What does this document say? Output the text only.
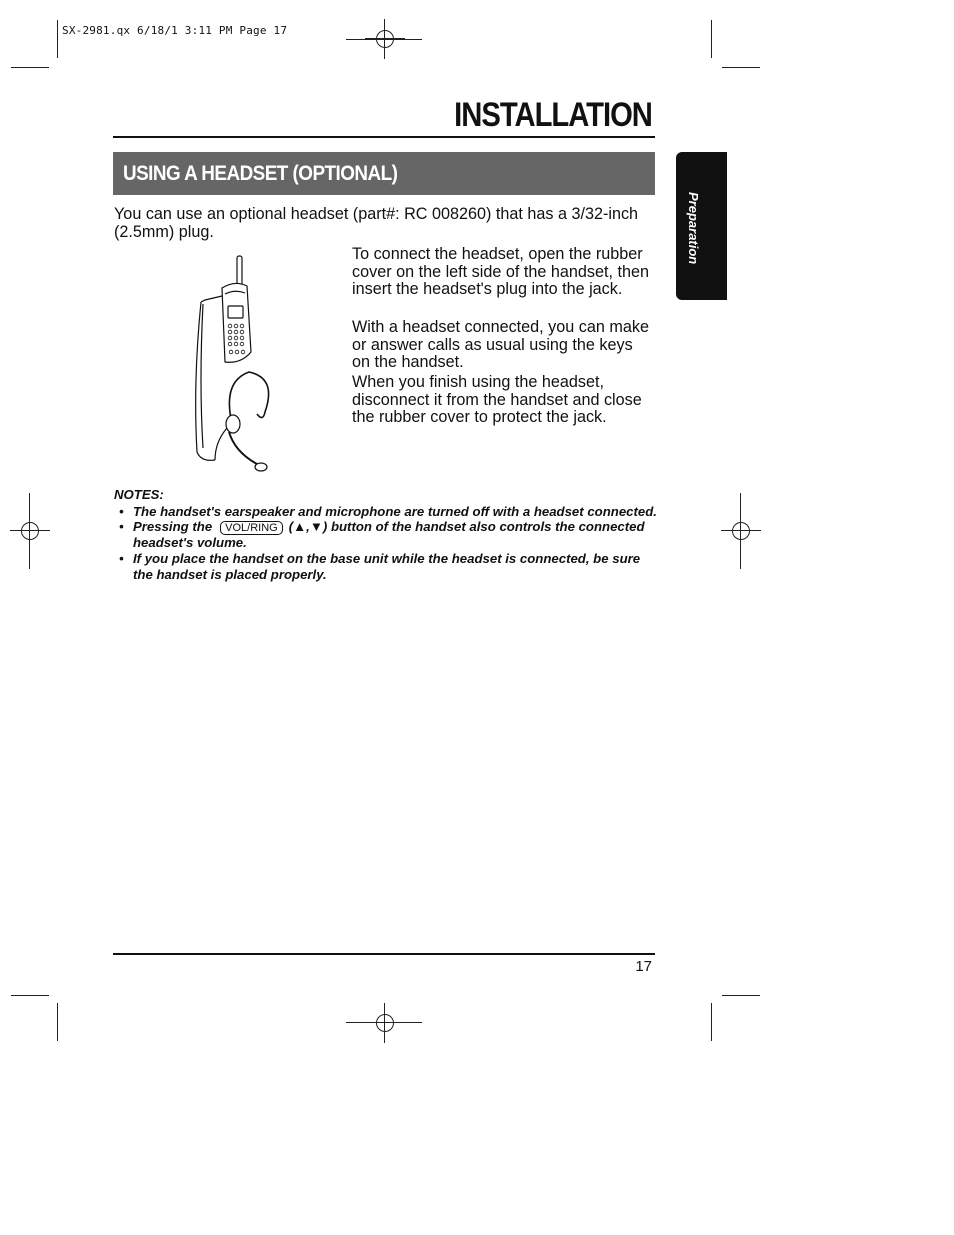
SX-2981.qx 6/18/1 3:11 PM Page 17
INSTALLATION
USING A HEADSET (OPTIONAL)
Preparation
You can use an optional headset (part#: RC 008260) that has a 3/32-inch (2.5mm) plug.
To connect the headset, open the rubber cover on the left side of the handset, then insert the headset's plug into the jack.
With a headset connected, you can make or answer calls as usual using the keys on the handset.
When you finish using the headset, disconnect it from the handset and close the rubber cover to protect the jack.
NOTES:
• The handset's earspeaker and microphone are turned off with a headset connected.
• Pressing the VOL/RING (▲,▼) button of the handset also controls the connected headset's volume.
• If you place the handset on the base unit while the headset is connected, be sure the handset is placed properly.
17
